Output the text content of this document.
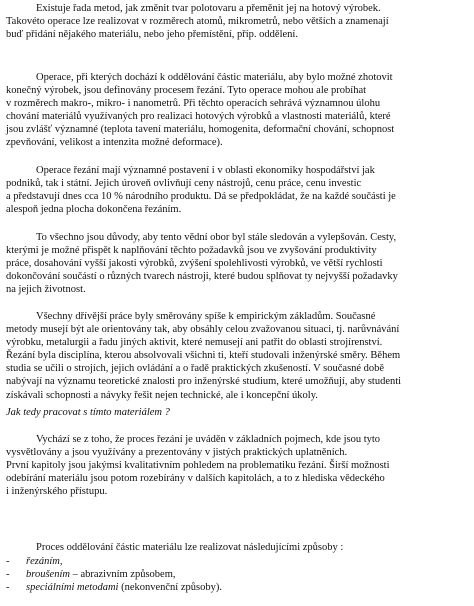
Existuje řada metod, jak změnit tvar polotovaru a přeměnit jej na hotový výrobek.
Takovéto operace lze realizovat v rozměrech atomů, mikrometrů, nebo větších a znamenají
buď přidání nějakého materiálu, nebo jeho přemístění, příp. oddělení.

Operace, při kterých dochází k oddělování částic materiálu, aby bylo možné zhotovit
konečný výrobek, jsou definovány procesem řezání. Tyto operace mohou ale probíhat
v rozměrech makro-, mikro- i nanometrů. Při těchto operacích sehrává významnou úlohu
chování materiálů využívaných pro realizaci hotových výrobků a vlastnosti materiálů, které
jsou zvlášť významné (teplota tavení materiálu, homogenita, deformační chování, schopnost
zpevňování, velikost a intenzita možné deformace).

Operace řezání mají významné postavení i v oblasti ekonomiky hospodářství jak
podniků, tak i státní. Jejich úroveň ovlivňují ceny nástrojů, cenu práce, cenu investic
a představují dnes cca 10 % národního produktu. Dá se předpokládat, že na každé součásti je
alespoň jedna plocha dokončena řezáním.

To všechno jsou důvody, aby tento vědní obor byl stále sledován a vylepšován. Cesty,
kterými je možné přispět k naplňování těchto požadavků jsou ve zvyšování produktivity
práce, dosahování vyšší jakosti výrobků, zvýšení spolehlivosti výrobků, ve větší rychlosti
dokončování součástí o různých tvarech nástroji, které budou splňovat ty nejvyšší požadavky
na jejich životnost.

Všechny dřívější práce byly směrovány spíše k empirickým základům. Současné
metody musejí být ale orientovány tak, aby obsáhly celou zvažovanou situaci, tj. narůvnávání
výrobku, metalurgii a řadu jiných aktivit, které nemusejí ani patřit do oblasti strojírenství.
Řezání byla disciplína, kterou absolvovali všichni ti, kteří studovali inženýrské směry. Během
studia se učili o strojích, jejich ovládání a o řadě praktických zkušeností. V současné době
nabývají na významu teoretické znalosti pro inženýrské studium, které umožňují, aby studenti
získávali schopnosti a návyky řešit nejen technické, ale i koncepční úkoly.

Jak tedy pracovat s tímto materiálem ?

Vychází se z toho, že proces řezání je uváděn v základních pojmech, kde jsou tyto
vysvětlovány a jsou využívány a prezentovány v jistých praktických uplatněních.
První kapitoly jsou jakýmsi kvalitativním pohledem na problematiku řezání. Širší možnosti
odebírání materiálu jsou potom rozebírány v dalších kapitolách, a to z hlediska vědeckého
i inženýrského přístupu.

Proces oddělování částic materiálu lze realizovat následujícími způsoby :

- řezáním,
- broušením – abrazivním způsobem,
- speciálními metodami (nekonvenční způsoby).
